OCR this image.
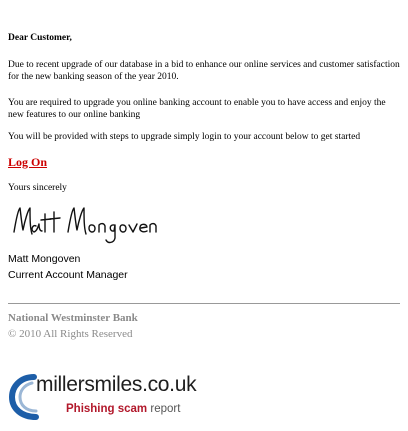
Dear Customer,
Due to recent upgrade of our database in a bid to enhance our online services and customer satisfaction for the new banking season of the year 2010.
You are required to upgrade you online banking account to enable you to have access and enjoy the new features to our online banking
You will be provided with steps to upgrade simply login to your account below to get started
Log On
Yours sincerely
Matt Mongoven
Current Account Manager
National Westminster Bank
© 2010 All Rights Reserved
millersmiles.co.uk
Phishing scam report
